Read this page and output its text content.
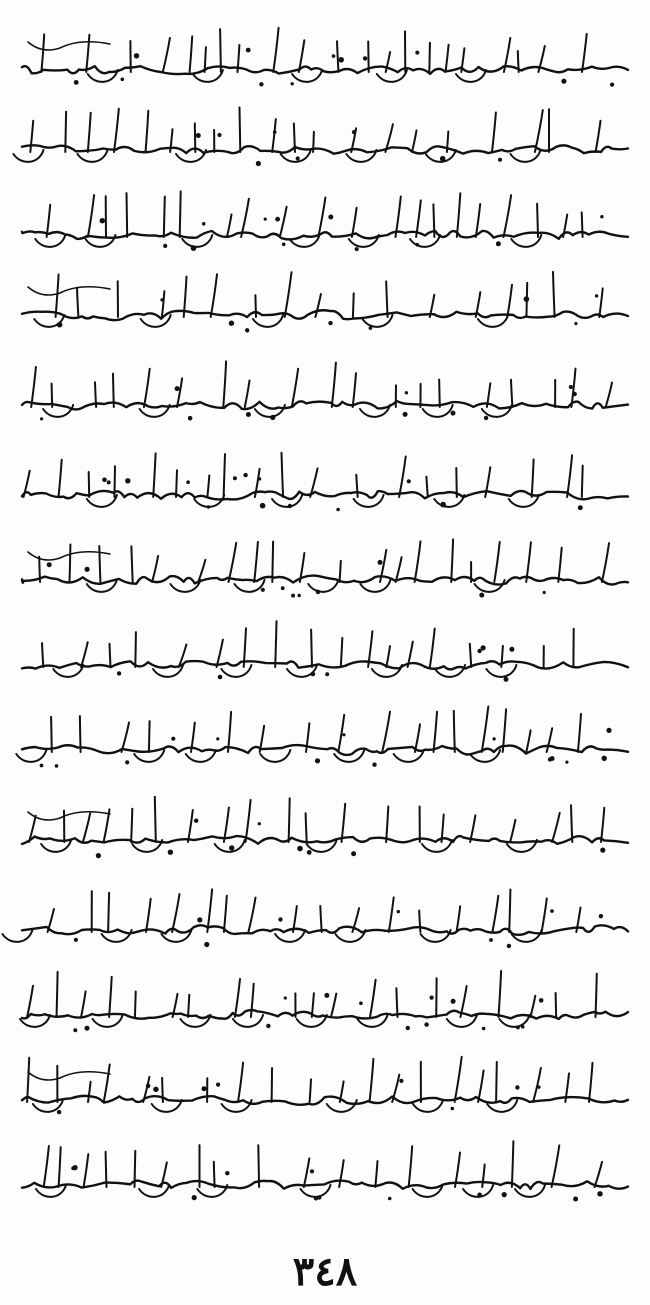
٣٤٨
